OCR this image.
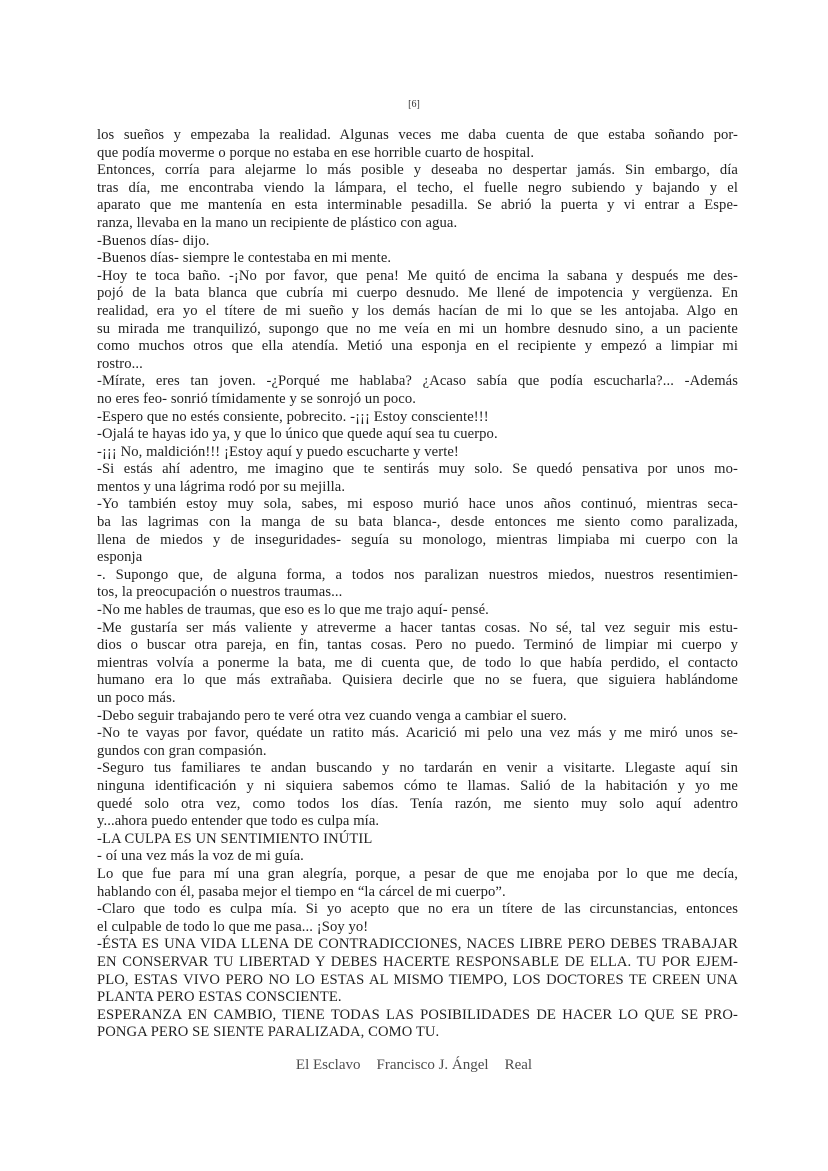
[6]
los sueños y empezaba la realidad. Algunas veces me daba cuenta de que estaba soñando por-
que podía moverme o porque no estaba en ese horrible cuarto de hospital.
Entonces, corría para alejarme lo más posible y deseaba no despertar jamás. Sin embargo, día
tras día, me encontraba viendo la lámpara, el techo, el fuelle negro subiendo y bajando y el
aparato que me mantenía en esta interminable pesadilla. Se abrió la puerta y vi entrar a Espe-
ranza, llevaba en la mano un recipiente de plástico con agua.
-Buenos días- dijo.
-Buenos días- siempre le contestaba en mi mente.
-Hoy te toca baño. -¡No por favor, que pena! Me quitó de encima la sabana y después me des-
pojó de la bata blanca que cubría mi cuerpo desnudo. Me llené de impotencia y vergüenza. En
realidad, era yo el títere de mi sueño y los demás hacían de mi lo que se les antojaba. Algo en
su mirada me tranquilizó, supongo que no me veía en mi un hombre desnudo sino, a un paciente
como muchos otros que ella atendía. Metió una esponja en el recipiente y empezó a limpiar mi
rostro...
-Mírate, eres tan joven. -¿Porqué me hablaba? ¿Acaso sabía que podía escucharla?... -Además
no eres feo- sonrió tímidamente y se sonrojó un poco.
-Espero que no estés consiente, pobrecito. -¡¡¡ Estoy consciente!!!
-Ojalá te hayas ido ya, y que lo único que quede aquí sea tu cuerpo.
-¡¡¡ No, maldición!!! ¡Estoy aquí y puedo escucharte y verte!
-Si estás ahí adentro, me imagino que te sentirás muy solo. Se quedó pensativa por unos mo-
mentos y una lágrima rodó por su mejilla.
-Yo también estoy muy sola, sabes, mi esposo murió hace unos años continuó, mientras seca-
ba las lagrimas con la manga de su bata blanca-, desde entonces me siento como paralizada,
llena de miedos y de inseguridades- seguía su monologo, mientras limpiaba mi cuerpo con la
esponja
-. Supongo que, de alguna forma, a todos nos paralizan nuestros miedos, nuestros resentimien-
tos, la preocupación o nuestros traumas...
-No me hables de traumas, que eso es lo que me trajo aquí- pensé.
-Me gustaría ser más valiente y atreverme a hacer tantas cosas. No sé, tal vez seguir mis estu-
dios o buscar otra pareja, en fin, tantas cosas. Pero no puedo. Terminó de limpiar mi cuerpo y
mientras volvía a ponerme la bata, me di cuenta que, de todo lo que había perdido, el contacto
humano era lo que más extrañaba. Quisiera decirle que no se fuera, que siguiera hablándome
un poco más.
-Debo seguir trabajando pero te veré otra vez cuando venga a cambiar el suero.
-No te vayas por favor, quédate un ratito más. Acarició mi pelo una vez más y me miró unos se-
gundos con gran compasión.
-Seguro tus familiares te andan buscando y no tardarán en venir a visitarte. Llegaste aquí sin
ninguna identificación y ni siquiera sabemos cómo te llamas. Salió de la habitación y yo me
quedé solo otra vez, como todos los días. Tenía razón, me siento muy solo aquí adentro
y...ahora puedo entender que todo es culpa mía.
-LA CULPA ES UN SENTIMIENTO INÚTIL
- oí una vez más la voz de mi guía.
Lo que fue para mí una gran alegría, porque, a pesar de que me enojaba por lo que me decía,
hablando con él, pasaba mejor el tiempo en “la cárcel de mi cuerpo”.
-Claro que todo es culpa mía. Si yo acepto que no era un títere de las circunstancias, entonces
el culpable de todo lo que me pasa... ¡Soy yo!
-ÉSTA ES UNA VIDA LLENA DE CONTRADICCIONES, NACES LIBRE PERO DEBES TRABAJAR
EN CONSERVAR TU LIBERTAD Y DEBES HACERTE RESPONSABLE DE ELLA. TU POR EJEM-
PLO, ESTAS VIVO PERO NO LO ESTAS AL MISMO TIEMPO, LOS DOCTORES TE CREEN UNA
PLANTA PERO ESTAS CONSCIENTE.
ESPERANZA EN CAMBIO, TIENE TODAS LAS POSIBILIDADES DE HACER LO QUE SE PRO-
PONGA PERO SE SIENTE PARALIZADA, COMO TU.
El Esclavo Francisco J. Ángel Real
